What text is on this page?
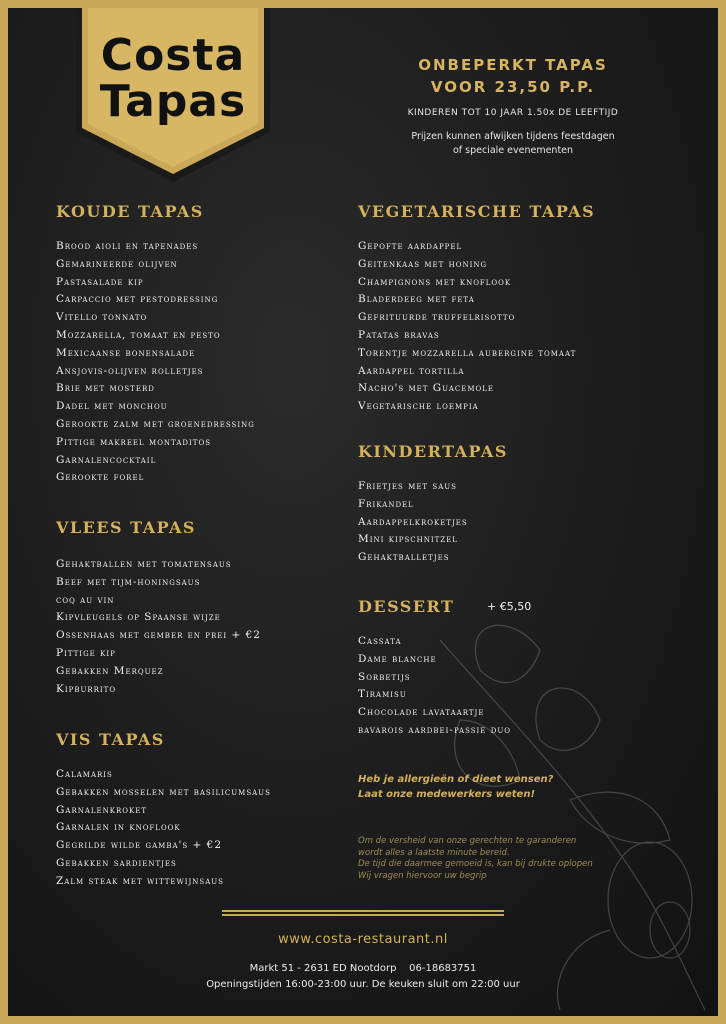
Costa
Tapas
ONBEPERKT TAPAS
VOOR 23,50 P.P.
KINDEREN TOT 10 JAAR 1.50x DE LEEFTIJD
Prijzen kunnen afwijken tijdens feestdagen
of speciale evenementen
KOUDE TAPAS
Brood aioli en tapenades
Gemarineerde olijven
Pastasalade kip
Carpaccio met pestodressing
Vitello tonnato
Mozzarella, tomaat en pesto
Mexicaanse bonensalade
Ansjovis-olijven rolletjes
Brie met mosterd
Dadel met monchou
Gerookte zalm met groenedressing
Pittige makreel montaditos
Garnalencocktail
Gerookte forel
VLEES TAPAS
Gehaktballen met tomatensaus
Beef met tijm-honingsaus
coq au vin
Kipvleugels op Spaanse wijze
Ossenhaas met gember en prei + €2
Pittige kip
Gebakken Merquez
Kipburrito
VIS TAPAS
Calamaris
Gebakken mosselen met basilicumsaus
Garnalenkroket
Garnalen in knoflook
Gegrilde wilde gamba's + €2
Gebakken sardientjes
Zalm steak met wittewijnsaus
VEGETARISCHE TAPAS
Gepofte aardappel
Geitenkaas met honing
Champignons met knoflook
Bladerdeeg met feta
Gefrituurde truffelrisotto
Patatas bravas
Torentje mozzarella aubergine tomaat
Aardappel tortilla
Nacho's met Guacemole
Vegetarische loempia
KINDERTAPAS
Frietjes met saus
Frikandel
Aardappelkroketjes
Mini kipschnitzel
Gehaktballetjes
DESSERT	+ €5,50
Cassata
Dame blanche
Sorbetijs
Tiramisu
Chocolade lavataartje
bavarois aardbei-passie duo
Heb je allergieën of dieet wensen?
Laat onze medewerkers weten!
Om de versheid van onze gerechten te garanderen
wordt alles a laatste minute bereid.
De tijd die daarmee gemoeid is, kan bij drukte oplopen
Wij vragen hiervoor uw begrip
www.costa-restaurant.nl
Markt 51 - 2631 ED Nootdorp    06-18683751
Openingstijden 16:00-23:00 uur. De keuken sluit om 22:00 uur
